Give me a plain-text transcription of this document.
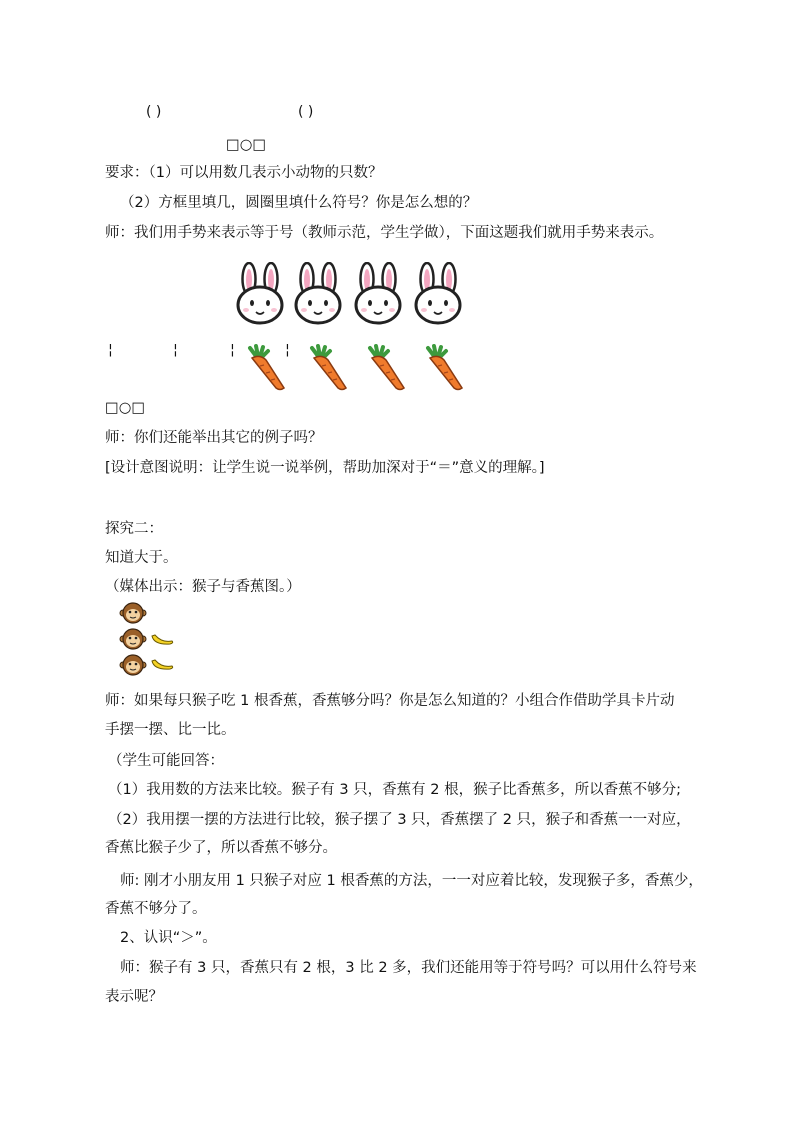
( )	( )
□○□
要求：（1）可以用数几表示小动物的只数？
（2）方框里填几，圆圈里填什么符号？你是怎么想的？
师：我们用手势来表示等于号（教师示范，学生学做），下面这题我们就用手势来表示。
¦	¦	¦	¦
□○□
师：你们还能举出其它的例子吗？
[设计意图说明：让学生说一说举例，帮助加深对于“＝”意义的理解。]
探究二：
知道大于。
（媒体出示：猴子与香蕉图。）
师：如果每只猴子吃 1 根香蕉，香蕉够分吗？你是怎么知道的？小组合作借助学具卡片动
手摆一摆、比一比。
（学生可能回答：
（1）我用数的方法来比较。猴子有 3 只，香蕉有 2 根，猴子比香蕉多，所以香蕉不够分;
（2）我用摆一摆的方法进行比较，猴子摆了 3 只，香蕉摆了 2 只，猴子和香蕉一一对应，
香蕉比猴子少了，所以香蕉不够分。
师: 刚才小朋友用 1 只猴子对应 1 根香蕉的方法，一一对应着比较，发现猴子多，香蕉少，
香蕉不够分了。
2、认识“＞”。
师：猴子有 3 只，香蕉只有 2 根，3 比 2 多，我们还能用等于符号吗？可以用什么符号来
表示呢？
